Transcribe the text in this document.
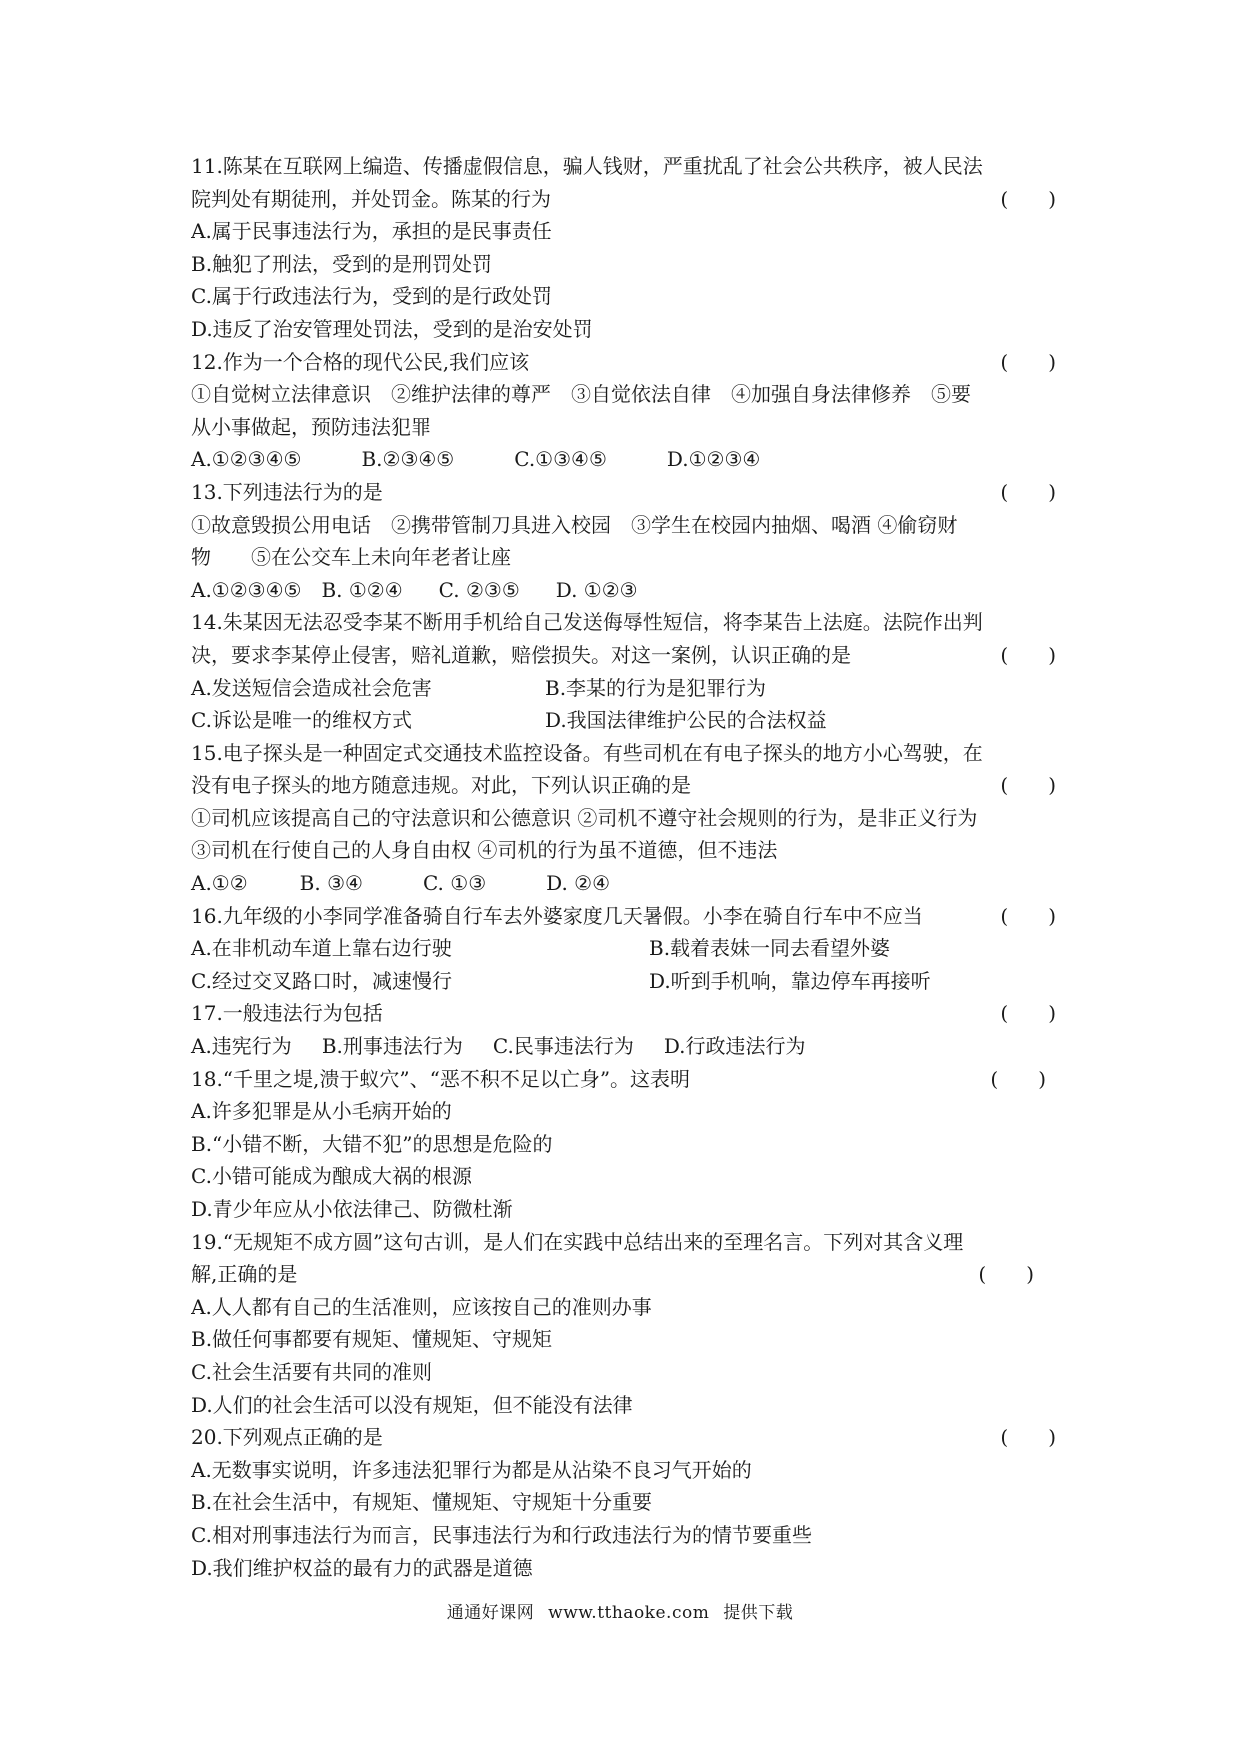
11.陈某在互联网上编造、传播虚假信息，骗人钱财，严重扰乱了社会公共秩序，被人民法
院判处有期徒刑，并处罚金。陈某的行为	(　　)
A.属于民事违法行为，承担的是民事责任
B.触犯了刑法，受到的是刑罚处罚
C.属于行政违法行为，受到的是行政处罚
D.违反了治安管理处罚法，受到的是治安处罚
12.作为一个合格的现代公民,我们应该	(　　)
①自觉树立法律意识　②维护法律的尊严　③自觉依法自律　④加强自身法律修养　⑤要
从小事做起，预防违法犯罪
A.①②③④⑤	B.②③④⑤	C.①③④⑤	D.①②③④
13.下列违法行为的是	(　　)
①故意毁损公用电话　②携带管制刀具进入校园　③学生在校园内抽烟、喝酒 ④偷窃财
物　　⑤在公交车上未向年老者让座
A.①②③④⑤ B. ①②④ C. ②③⑤ D. ①②③
14.朱某因无法忍受李某不断用手机给自己发送侮辱性短信，将李某告上法庭。法院作出判
决，要求李某停止侵害，赔礼道歉，赔偿损失。对这一案例，认识正确的是	(　　)
A.发送短信会造成社会危害	B.李某的行为是犯罪行为
C.诉讼是唯一的维权方式	D.我国法律维护公民的合法权益
15.电子探头是一种固定式交通技术监控设备。有些司机在有电子探头的地方小心驾驶，在
没有电子探头的地方随意违规。对此，下列认识正确的是	(　　)
①司机应该提高自己的守法意识和公德意识 ②司机不遵守社会规则的行为，是非正义行为
③司机在行使自己的人身自由权 ④司机的行为虽不道德，但不违法
A.①②	B. ③④	C. ①③	D. ②④
16.九年级的小李同学准备骑自行车去外婆家度几天暑假。小李在骑自行车中不应当	(　　)
A.在非机动车道上靠右边行驶	B.载着表妹一同去看望外婆
C.经过交叉路口时，减速慢行	D.听到手机响，靠边停车再接听
17.一般违法行为包括	(　　)
A.违宪行为 B.刑事违法行为 C.民事违法行为 D.行政违法行为
18.“千里之堤,溃于蚁穴”、“恶不积不足以亡身”。这表明	(　　)
A.许多犯罪是从小毛病开始的
B.“小错不断，大错不犯”的思想是危险的
C.小错可能成为酿成大祸的根源
D.青少年应从小依法律己、防微杜渐
19.“无规矩不成方圆”这句古训，是人们在实践中总结出来的至理名言。下列对其含义理
解,正确的是	(　　)
A.人人都有自己的生活准则，应该按自己的准则办事
B.做任何事都要有规矩、懂规矩、守规矩
C.社会生活要有共同的准则
D.人们的社会生活可以没有规矩，但不能没有法律
20.下列观点正确的是	(　　)
A.无数事实说明，许多违法犯罪行为都是从沾染不良习气开始的
B.在社会生活中，有规矩、懂规矩、守规矩十分重要
C.相对刑事违法行为而言，民事违法行为和行政违法行为的情节要重些
D.我们维护权益的最有力的武器是道德
通通好课网 www.tthaoke.com 提供下载
